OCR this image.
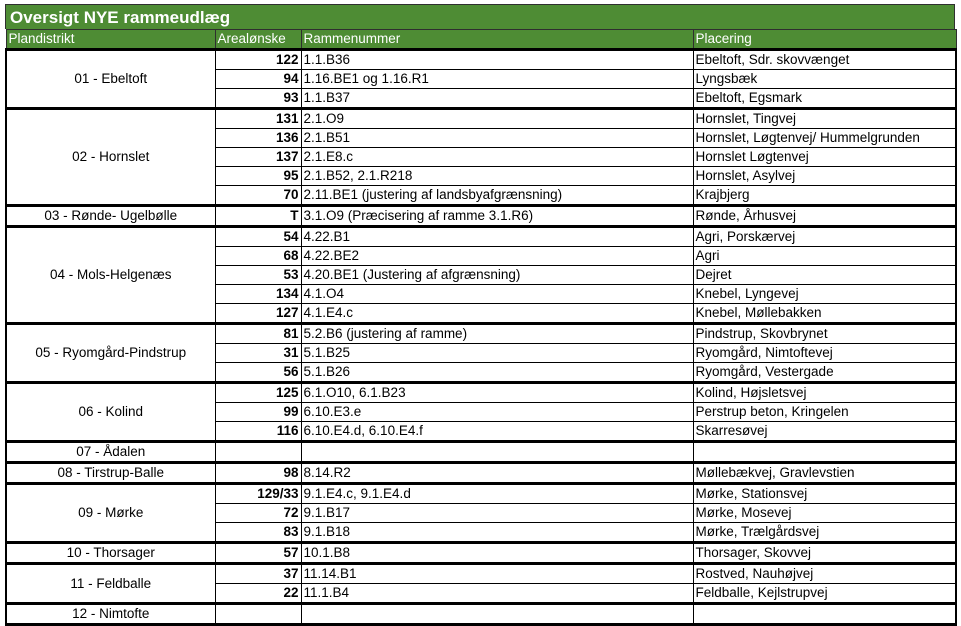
Oversigt NYE rammeudlæg
Plandistrikt	Arealønske	Rammenummer	Placering
01 - Ebeltoft	122	1.1.B36	Ebeltoft, Sdr. skovvænget
	94	1.16.BE1 og 1.16.R1	Lyngsbæk
	93	1.1.B37	Ebeltoft, Egsmark
02 - Hornslet	131	2.1.O9	Hornslet, Tingvej
	136	2.1.B51	Hornslet, Løgtenvej/ Hummelgrunden
	137	2.1.E8.c	Hornslet Løgtenvej
	95	2.1.B52, 2.1.R218	Hornslet, Asylvej
	70	2.11.BE1 (justering af landsbyafgrænsning)	Krajbjerg
03 - Rønde- Ugelbølle	T	3.1.O9 (Præcisering af ramme 3.1.R6)	Rønde, Århusvej
04 - Mols-Helgenæs	54	4.22.B1	Agri, Porskærvej
	68	4.22.BE2	Agri
	53	4.20.BE1 (Justering af afgrænsning)	Dejret
	134	4.1.O4	Knebel, Lyngevej
	127	4.1.E4.c	Knebel, Møllebakken
05 - Ryomgård-Pindstrup	81	5.2.B6 (justering af ramme)	Pindstrup, Skovbrynet
	31	5.1.B25	Ryomgård, Nimtoftevej
	56	5.1.B26	Ryomgård, Vestergade
06 - Kolind	125	6.1.O10, 6.1.B23	Kolind, Højsletsvej
	99	6.10.E3.e	Perstrup beton, Kringelen
	116	6.10.E4.d, 6.10.E4.f	Skarresøvej
07 - Ådalen			
08 - Tirstrup-Balle	98	8.14.R2	Møllebækvej, Gravlevstien
09 - Mørke	129/33	9.1.E4.c, 9.1.E4.d	Mørke, Stationsvej
	72	9.1.B17	Mørke, Mosevej
	83	9.1.B18	Mørke, Trælgårdsvej
10 - Thorsager	57	10.1.B8	Thorsager, Skovvej
11 - Feldballe	37	11.14.B1	Rostved, Nauhøjvej
	22	11.1.B4	Feldballe, Kejlstrupvej
12 - Nimtofte			
